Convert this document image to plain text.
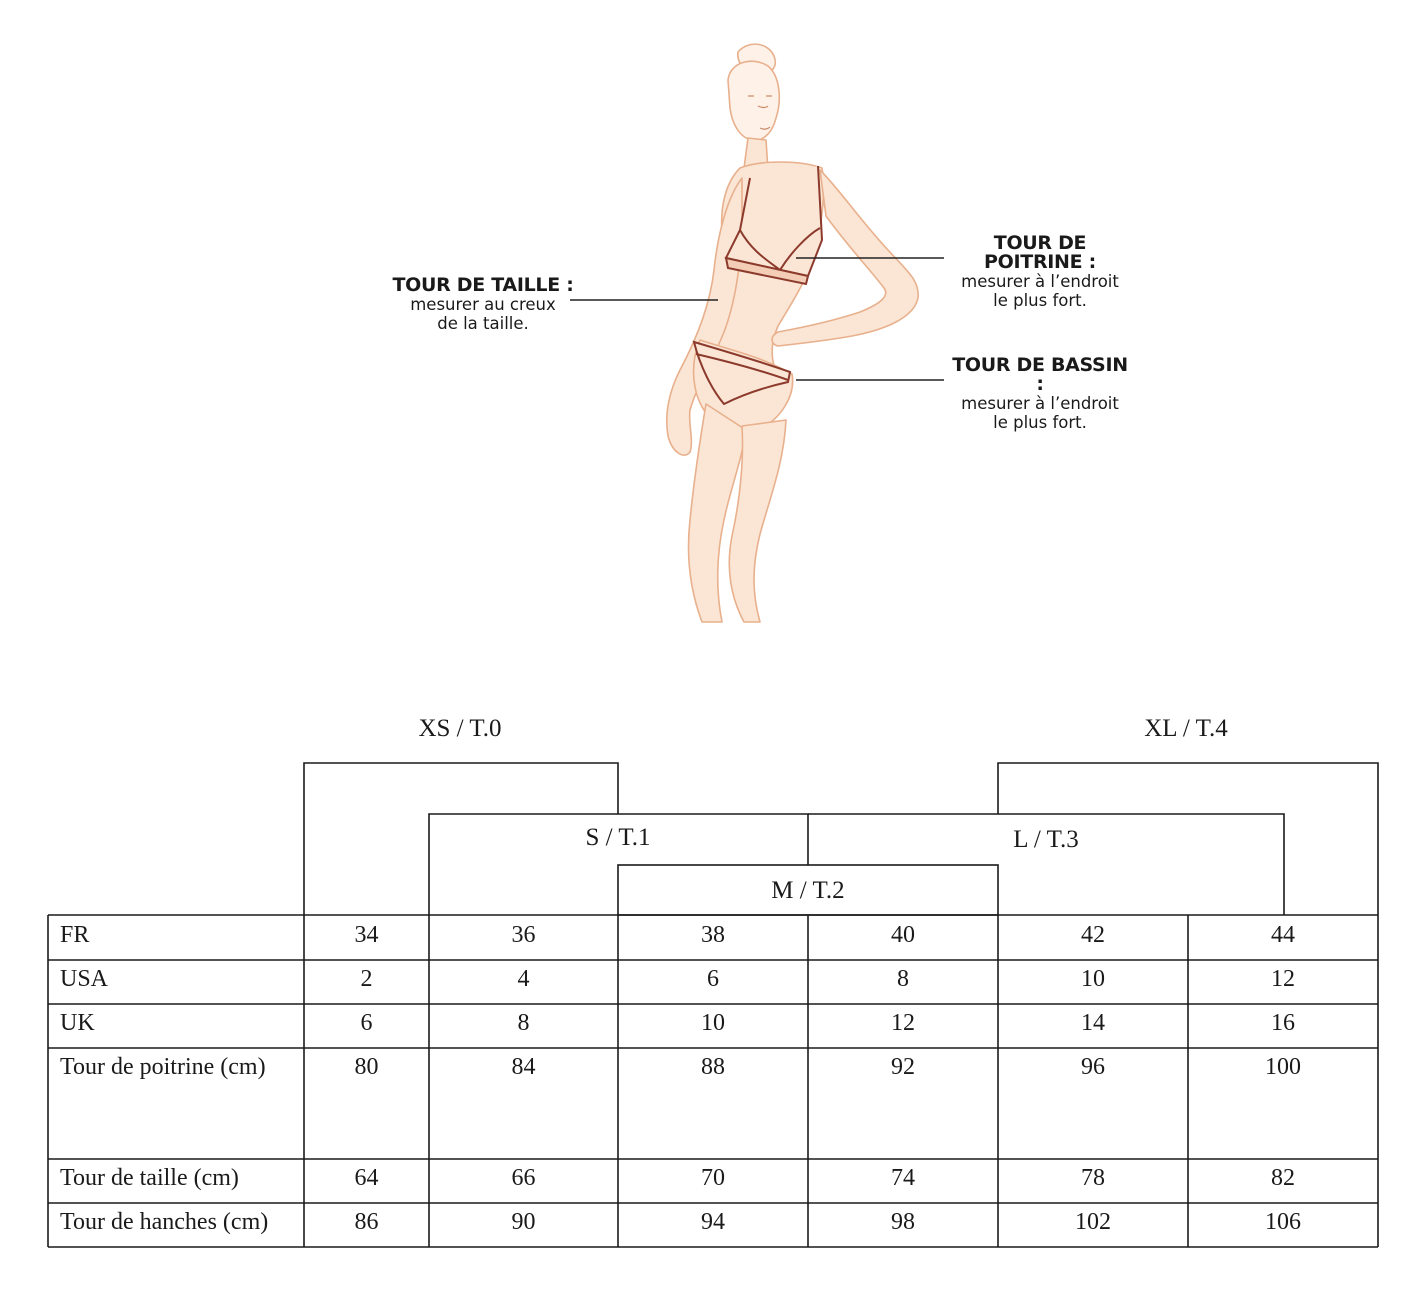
TOUR DE TAILLE :
mesurer au creux
de la taille.
TOUR DE POITRINE :
mesurer à l’endroit
le plus fort.
TOUR DE BASSIN :
mesurer à l’endroit
le plus fort.
XS / T.0
S / T.1
M / T.2
L / T.3
XL / T.4
FR	34	36	38	40	42	44
USA	2	4	6	8	10	12
UK	6	8	10	12	14	16
Tour de poitrine (cm)	80	84	88	92	96	100
Tour de taille (cm)	64	66	70	74	78	82
Tour de hanches (cm)	86	90	94	98	102	106
